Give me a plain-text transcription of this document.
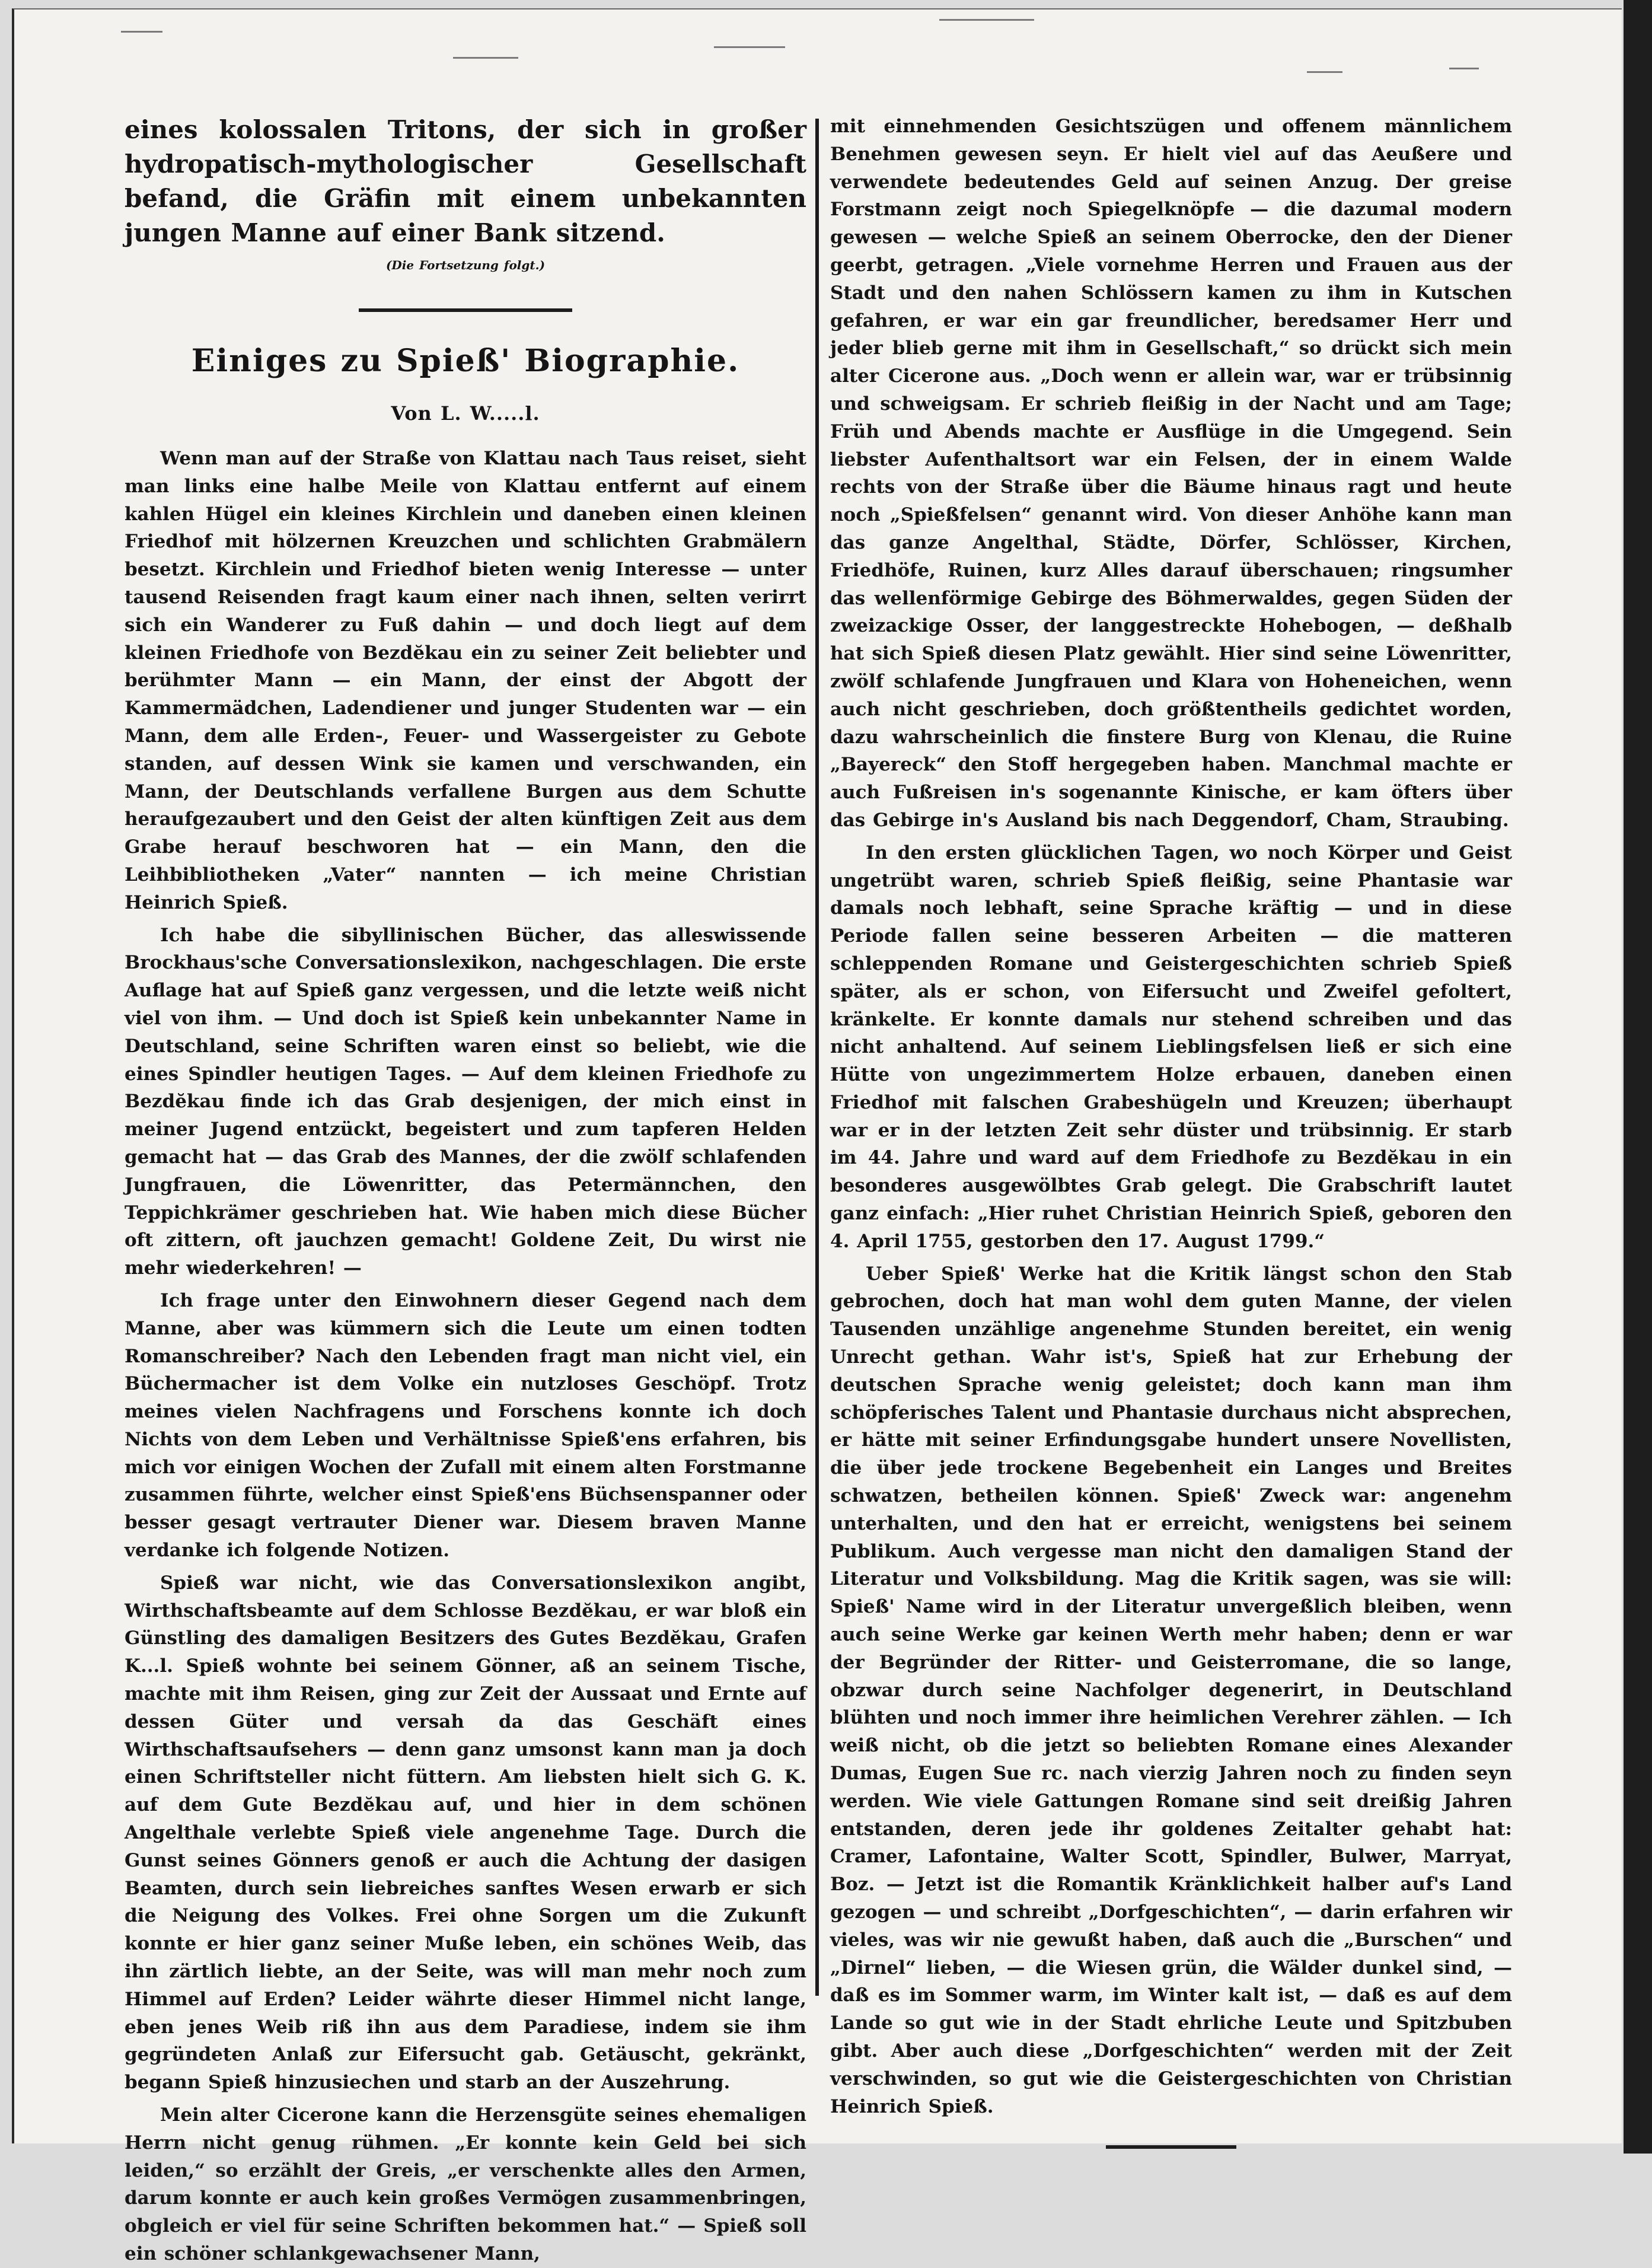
eines kolossalen Tritons, der sich in großer hydropatisch-mythologischer Gesellschaft befand, die Gräfin mit einem unbekannten jungen Manne auf einer Bank sitzend.

(Die Fortsetzung folgt.)

Einiges zu Spieß' Biographie.

Von L. W.....l.

Wenn man auf der Straße von Klattau nach Taus reiset, sieht man links eine halbe Meile von Klattau entfernt auf einem kahlen Hügel ein kleines Kirchlein und daneben einen kleinen Friedhof mit hölzernen Kreuzchen und schlichten Grabmälern besetzt. Kirchlein und Friedhof bieten wenig Interesse — unter tausend Reisenden fragt kaum einer nach ihnen, selten verirrt sich ein Wanderer zu Fuß dahin — und doch liegt auf dem kleinen Friedhofe von Bezdĕkau ein zu seiner Zeit beliebter und berühmter Mann — ein Mann, der einst der Abgott der Kammermädchen, Ladendiener und junger Studenten war — ein Mann, dem alle Erden-, Feuer- und Wassergeister zu Gebote standen, auf dessen Wink sie kamen und verschwanden, ein Mann, der Deutschlands verfallene Burgen aus dem Schutte heraufgezaubert und den Geist der alten künftigen Zeit aus dem Grabe herauf beschworen hat — ein Mann, den die Leihbibliotheken „Vater“ nannten — ich meine Christian Heinrich Spieß.

Ich habe die sibyllinischen Bücher, das alleswissende Brockhaus'sche Conversationslexikon, nachgeschlagen. Die erste Auflage hat auf Spieß ganz vergessen, und die letzte weiß nicht viel von ihm. — Und doch ist Spieß kein unbekannter Name in Deutschland, seine Schriften waren einst so beliebt, wie die eines Spindler heutigen Tages. — Auf dem kleinen Friedhofe zu Bezdĕkau finde ich das Grab desjenigen, der mich einst in meiner Jugend entzückt, begeistert und zum tapferen Helden gemacht hat — das Grab des Mannes, der die zwölf schlafenden Jungfrauen, die Löwenritter, das Petermännchen, den Teppichkrämer geschrieben hat. Wie haben mich diese Bücher oft zittern, oft jauchzen gemacht! Goldene Zeit, Du wirst nie mehr wiederkehren! —

Ich frage unter den Einwohnern dieser Gegend nach dem Manne, aber was kümmern sich die Leute um einen todten Romanschreiber? Nach den Lebenden fragt man nicht viel, ein Büchermacher ist dem Volke ein nutzloses Geschöpf. Trotz meines vielen Nachfragens und Forschens konnte ich doch Nichts von dem Leben und Verhältnisse Spieß'ens erfahren, bis mich vor einigen Wochen der Zufall mit einem alten Forstmanne zusammen führte, welcher einst Spieß'ens Büchsenspanner oder besser gesagt vertrauter Diener war. Diesem braven Manne verdanke ich folgende Notizen.

Spieß war nicht, wie das Conversationslexikon angibt, Wirthschaftsbeamte auf dem Schlosse Bezdĕkau, er war bloß ein Günstling des damaligen Besitzers des Gutes Bezdĕkau, Grafen K...l. Spieß wohnte bei seinem Gönner, aß an seinem Tische, machte mit ihm Reisen, ging zur Zeit der Aussaat und Ernte auf dessen Güter und versah da das Geschäft eines Wirthschaftsaufsehers — denn ganz umsonst kann man ja doch einen Schriftsteller nicht füttern. Am liebsten hielt sich G. K. auf dem Gute Bezdĕkau auf, und hier in dem schönen Angelthale verlebte Spieß viele angenehme Tage. Durch die Gunst seines Gönners genoß er auch die Achtung der dasigen Beamten, durch sein liebreiches sanftes Wesen erwarb er sich die Neigung des Volkes. Frei ohne Sorgen um die Zukunft konnte er hier ganz seiner Muße leben, ein schönes Weib, das ihn zärtlich liebte, an der Seite, was will man mehr noch zum Himmel auf Erden? Leider währte dieser Himmel nicht lange, eben jenes Weib riß ihn aus dem Paradiese, indem sie ihm gegründeten Anlaß zur Eifersucht gab. Getäuscht, gekränkt, begann Spieß hinzusiechen und starb an der Auszehrung.

Mein alter Cicerone kann die Herzensgüte seines ehemaligen Herrn nicht genug rühmen. „Er konnte kein Geld bei sich leiden,“ so erzählt der Greis, „er verschenkte alles den Armen, darum konnte er auch kein großes Vermögen zusammenbringen, obgleich er viel für seine Schriften bekommen hat.“ — Spieß soll ein schöner schlankgewachsener Mann,

mit einnehmenden Gesichtszügen und offenem männlichem Benehmen gewesen seyn. Er hielt viel auf das Aeußere und verwendete bedeutendes Geld auf seinen Anzug. Der greise Forstmann zeigt noch Spiegelknöpfe — die dazumal modern gewesen — welche Spieß an seinem Oberrocke, den der Diener geerbt, getragen. „Viele vornehme Herren und Frauen aus der Stadt und den nahen Schlössern kamen zu ihm in Kutschen gefahren, er war ein gar freundlicher, beredsamer Herr und jeder blieb gerne mit ihm in Gesellschaft,“ so drückt sich mein alter Cicerone aus. „Doch wenn er allein war, war er trübsinnig und schweigsam. Er schrieb fleißig in der Nacht und am Tage; Früh und Abends machte er Ausflüge in die Umgegend. Sein liebster Aufenthaltsort war ein Felsen, der in einem Walde rechts von der Straße über die Bäume hinaus ragt und heute noch „Spießfelsen“ genannt wird. Von dieser Anhöhe kann man das ganze Angelthal, Städte, Dörfer, Schlösser, Kirchen, Friedhöfe, Ruinen, kurz Alles darauf überschauen; ringsumher das wellenförmige Gebirge des Böhmerwaldes, gegen Süden der zweizackige Osser, der langgestreckte Hohebogen, — deßhalb hat sich Spieß diesen Platz gewählt. Hier sind seine Löwenritter, zwölf schlafende Jungfrauen und Klara von Hoheneichen, wenn auch nicht geschrieben, doch größtentheils gedichtet worden, dazu wahrscheinlich die finstere Burg von Klenau, die Ruine „Bayereck“ den Stoff hergegeben haben. Manchmal machte er auch Fußreisen in's sogenannte Kinische, er kam öfters über das Gebirge in's Ausland bis nach Deggendorf, Cham, Straubing.

In den ersten glücklichen Tagen, wo noch Körper und Geist ungetrübt waren, schrieb Spieß fleißig, seine Phantasie war damals noch lebhaft, seine Sprache kräftig — und in diese Periode fallen seine besseren Arbeiten — die matteren schleppenden Romane und Geistergeschichten schrieb Spieß später, als er schon, von Eifersucht und Zweifel gefoltert, kränkelte. Er konnte damals nur stehend schreiben und das nicht anhaltend. Auf seinem Lieblingsfelsen ließ er sich eine Hütte von ungezimmertem Holze erbauen, daneben einen Friedhof mit falschen Grabeshügeln und Kreuzen; überhaupt war er in der letzten Zeit sehr düster und trübsinnig. Er starb im 44. Jahre und ward auf dem Friedhofe zu Bezdĕkau in ein besonderes ausgewölbtes Grab gelegt. Die Grabschrift lautet ganz einfach: „Hier ruhet Christian Heinrich Spieß, geboren den 4. April 1755, gestorben den 17. August 1799.“

Ueber Spieß' Werke hat die Kritik längst schon den Stab gebrochen, doch hat man wohl dem guten Manne, der vielen Tausenden unzählige angenehme Stunden bereitet, ein wenig Unrecht gethan. Wahr ist's, Spieß hat zur Erhebung der deutschen Sprache wenig geleistet; doch kann man ihm schöpferisches Talent und Phantasie durchaus nicht absprechen, er hätte mit seiner Erfindungsgabe hundert unsere Novellisten, die über jede trockene Begebenheit ein Langes und Breites schwatzen, betheilen können. Spieß' Zweck war: angenehm unterhalten, und den hat er erreicht, wenigstens bei seinem Publikum. Auch vergesse man nicht den damaligen Stand der Literatur und Volksbildung. Mag die Kritik sagen, was sie will: Spieß' Name wird in der Literatur unvergeßlich bleiben, wenn auch seine Werke gar keinen Werth mehr haben; denn er war der Begründer der Ritter- und Geisterromane, die so lange, obzwar durch seine Nachfolger degenerirt, in Deutschland blühten und noch immer ihre heimlichen Verehrer zählen. — Ich weiß nicht, ob die jetzt so beliebten Romane eines Alexander Dumas, Eugen Sue rc. nach vierzig Jahren noch zu finden seyn werden. Wie viele Gattungen Romane sind seit dreißig Jahren entstanden, deren jede ihr goldenes Zeitalter gehabt hat: Cramer, Lafontaine, Walter Scott, Spindler, Bulwer, Marryat, Boz. — Jetzt ist die Romantik Kränklichkeit halber auf's Land gezogen — und schreibt „Dorfgeschichten“, — darin erfahren wir vieles, was wir nie gewußt haben, daß auch die „Burschen“ und „Dirnel“ lieben, — die Wiesen grün, die Wälder dunkel sind, — daß es im Sommer warm, im Winter kalt ist, — daß es auf dem Lande so gut wie in der Stadt ehrliche Leute und Spitzbuben gibt. Aber auch diese „Dorfgeschichten“ werden mit der Zeit verschwinden, so gut wie die Geistergeschichten von Christian Heinrich Spieß.
